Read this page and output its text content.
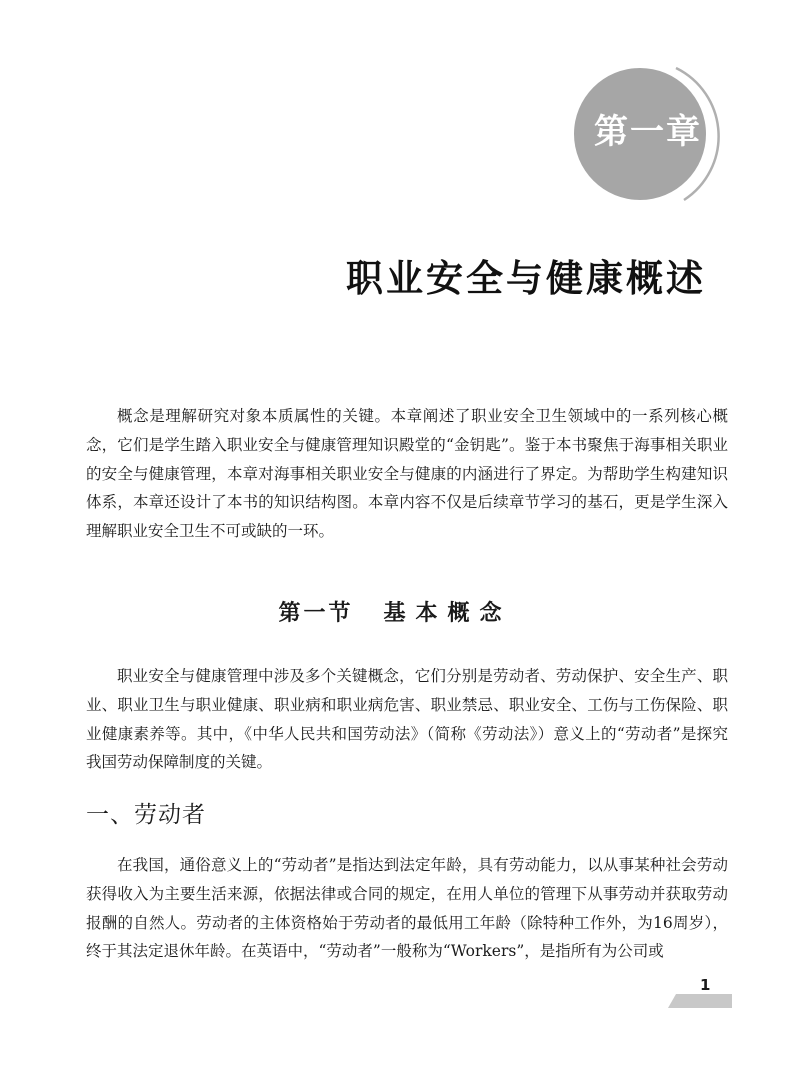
第一章
职业安全与健康概述

概念是理解研究对象本质属性的关键。本章阐述了职业安全卫生领域中的一系列核心概念，它们是学生踏入职业安全与健康管理知识殿堂的“金钥匙”。鉴于本书聚焦于海事相关职业的安全与健康管理，本章对海事相关职业安全与健康的内涵进行了界定。为帮助学生构建知识体系，本章还设计了本书的知识结构图。本章内容不仅是后续章节学习的基石，更是学生深入理解职业安全卫生不可或缺的一环。

第一节 基本概念

职业安全与健康管理中涉及多个关键概念，它们分别是劳动者、劳动保护、安全生产、职业、职业卫生与职业健康、职业病和职业病危害、职业禁忌、职业安全、工伤与工伤保险、职业健康素养等。其中，《中华人民共和国劳动法》（简称《劳动法》）意义上的“劳动者”是探究我国劳动保障制度的关键。

一、劳动者

在我国，通俗意义上的“劳动者”是指达到法定年龄，具有劳动能力，以从事某种社会劳动获得收入为主要生活来源，依据法律或合同的规定，在用人单位的管理下从事劳动并获取劳动报酬的自然人。劳动者的主体资格始于劳动者的最低用工年龄（除特种工作外，为16周岁），终于其法定退休年龄。在英语中，“劳动者”一般称为“Workers”，是指所有为公司或

1
